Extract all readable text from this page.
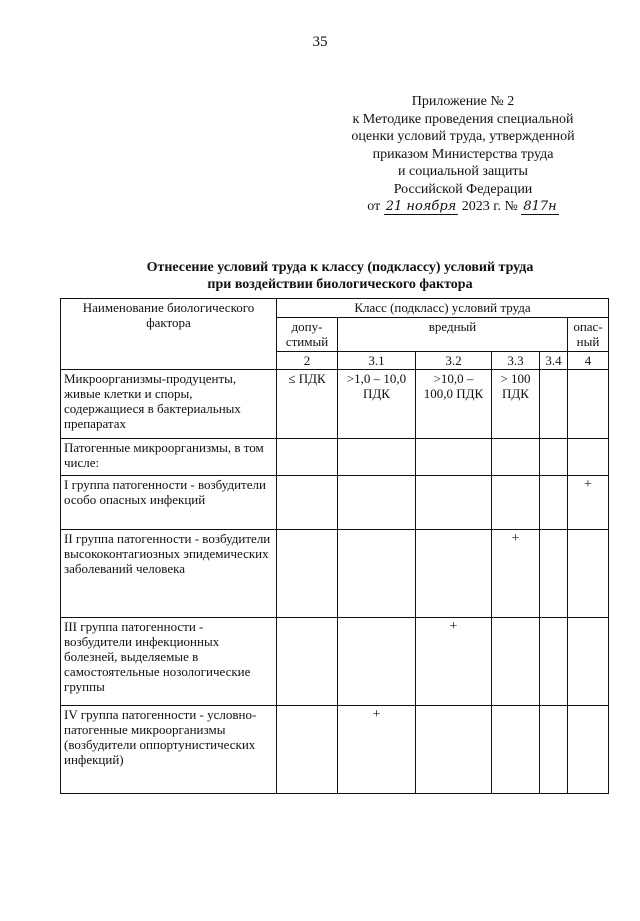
35
Приложение № 2
к Методике проведения специальной
оценки условий труда, утвержденной
приказом Министерства труда
и социальной защиты
Российской Федерации
от 21 ноября 2023 г. № 817н
Отнесение условий труда к классу (подклассу) условий труда
при воздействии биологического фактора
Наименование биологического фактора	Класс (подкласс) условий труда					
	допу-стимый	вредный				опас-ный
	2	3.1	3.2	3.3	3.4	4
Микроорганизмы-продуценты, живые клетки и споры, содержащиеся в бактериальных препаратах	≤ ПДК	>1,0 – 10,0 ПДК	>10,0 – 100,0 ПДК	> 100 ПДК		
Патогенные микроорганизмы, в том числе:						
I группа патогенности - возбудители особо опасных инфекций						+
II группа патогенности - возбудители высококонтагиозных эпидемических заболеваний человека				+		
III группа патогенности - возбудители инфекционных болезней, выделяемые в самостоятельные нозологические группы			+			
IV группа патогенности - условно-патогенные микроорганизмы (возбудители оппортунистических инфекций)		+				
